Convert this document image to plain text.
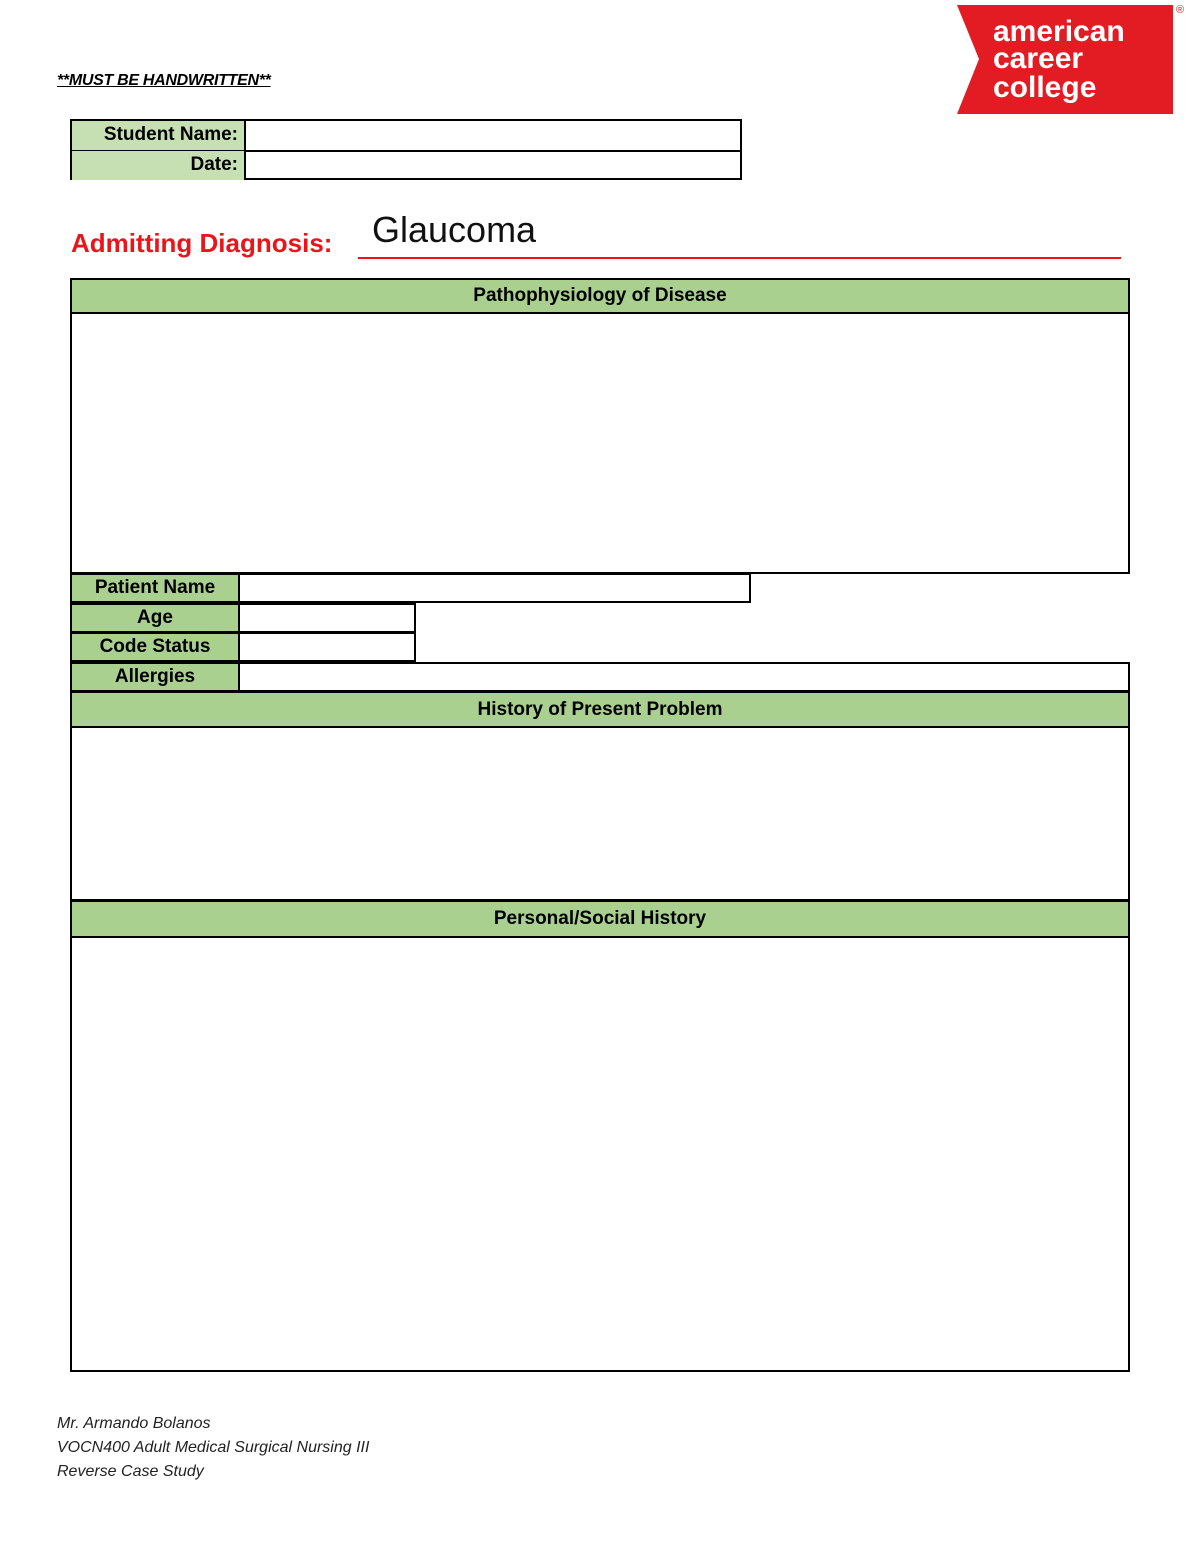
**MUST BE HANDWRITTEN**
american
career
college
®
Student Name:
Date:
Admitting Diagnosis: Glaucoma
Pathophysiology of Disease
Patient Name
Age
Code Status
Allergies
History of Present Problem
Personal/Social History
Mr. Armando Bolanos
VOCN400 Adult Medical Surgical Nursing III
Reverse Case Study
